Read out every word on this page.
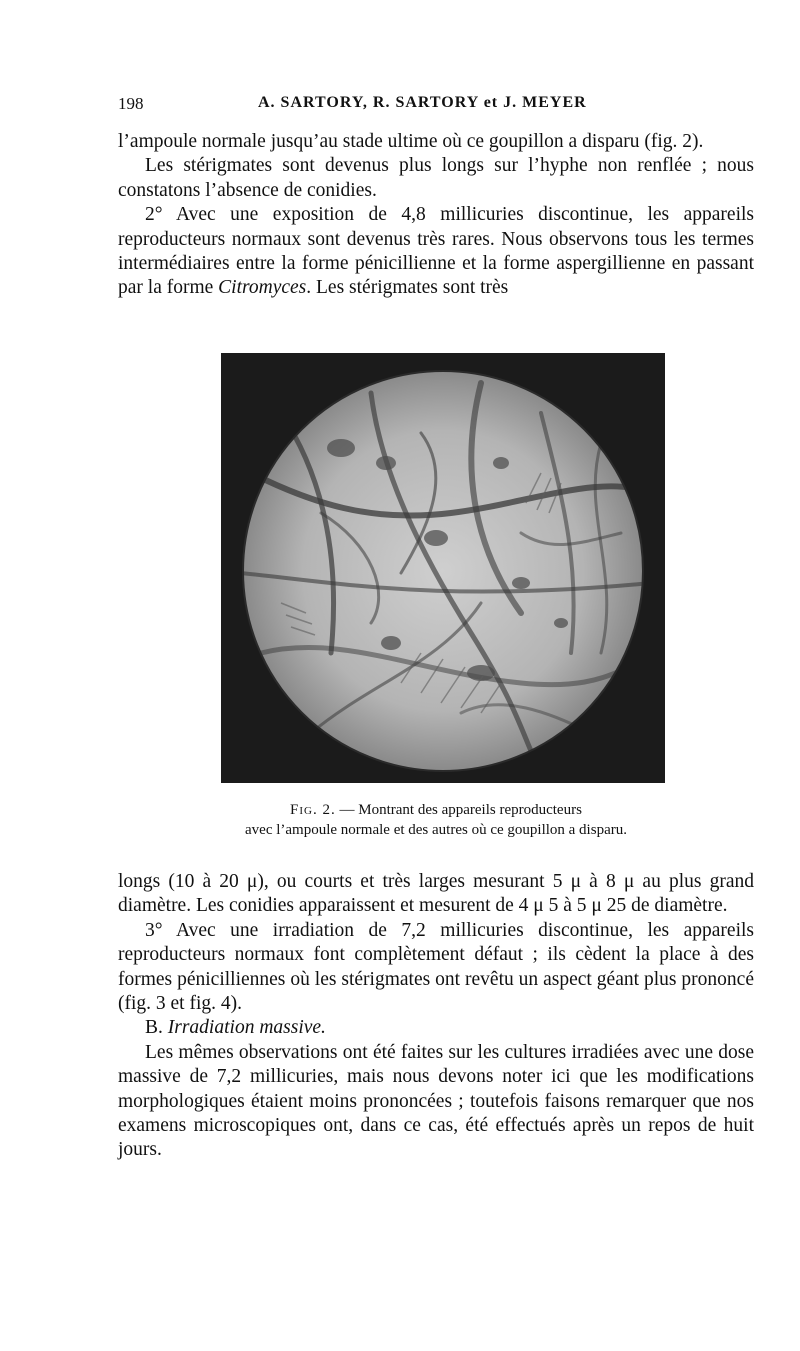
198	A. SARTORY, R. SARTORY et J. MEYER

l’ampoule normale jusqu’au stade ultime où ce goupillon a disparu (fig. 2).

Les stérigmates sont devenus plus longs sur l’hyphe non renflée ; nous constatons l’absence de conidies.

2° Avec une exposition de 4,8 millicuries discontinue, les appareils reproducteurs normaux sont devenus très rares. Nous observons tous les termes intermédiaires entre la forme pénicillienne et la forme aspergillienne en passant par la forme Citromyces. Les stérigmates sont très

Fig. 2. — Montrant des appareils reproducteurs
avec l’ampoule normale et des autres où ce goupillon a disparu.

longs (10 à 20 μ), ou courts et très larges mesurant 5 μ à 8 μ au plus grand diamètre. Les conidies apparaissent et mesurent de 4 μ 5 à 5 μ 25 de diamètre.

3° Avec une irradiation de 7,2 millicuries discontinue, les appareils reproducteurs normaux font complètement défaut ; ils cèdent la place à des formes pénicilliennes où les stérigmates ont revêtu un aspect géant plus prononcé (fig. 3 et fig. 4).

B. Irradiation massive.

Les mêmes observations ont été faites sur les cultures irradiées avec une dose massive de 7,2 millicuries, mais nous devons noter ici que les modifications morphologiques étaient moins prononcées ; toutefois faisons remarquer que nos examens microscopiques ont, dans ce cas, été effectués après un repos de huit jours.
